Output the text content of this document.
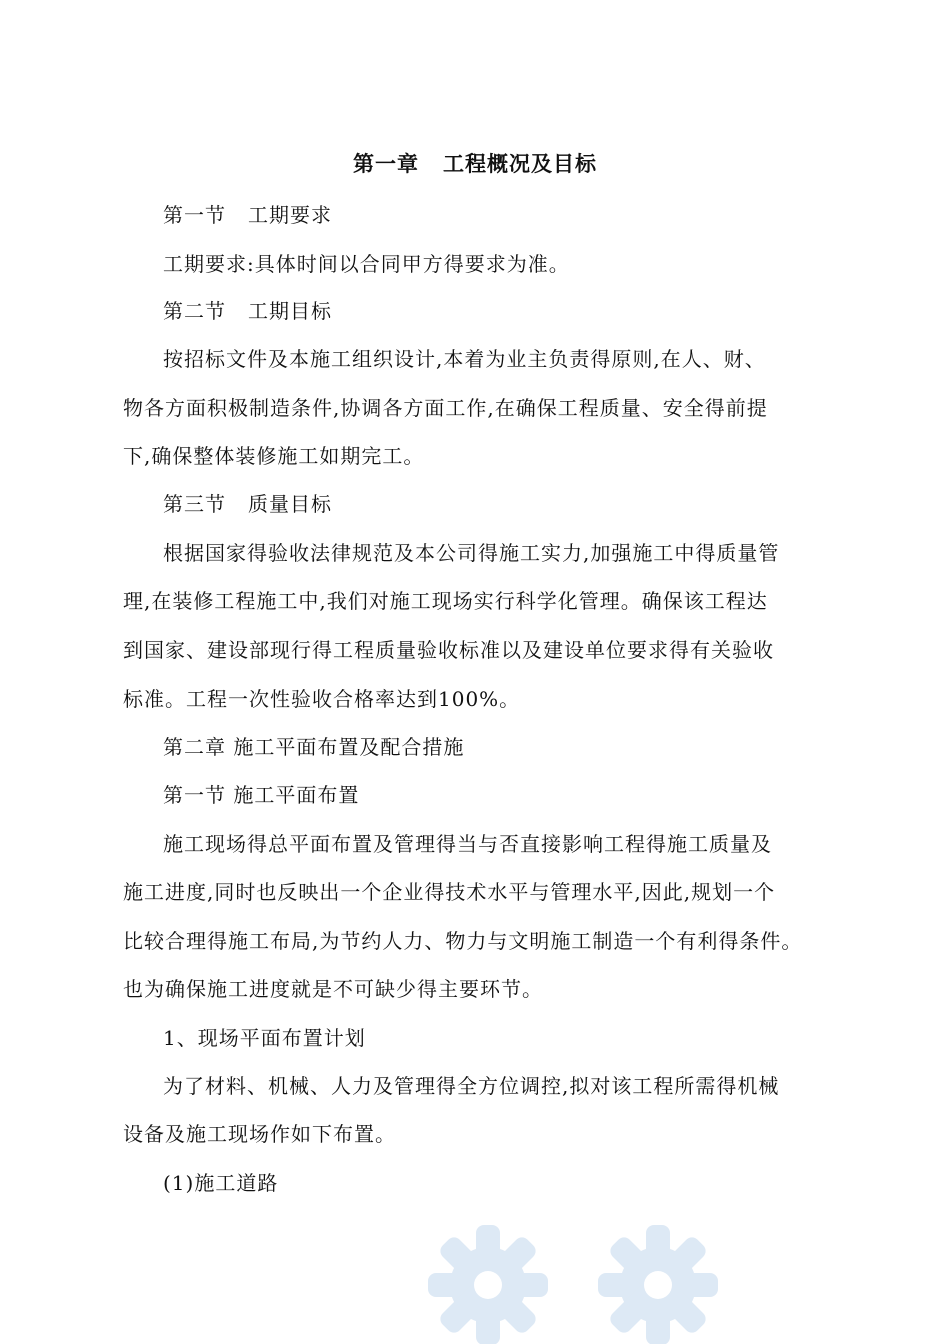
第一章 工程概况及目标
第一节 工期要求
工期要求:具体时间以合同甲方得要求为准。
第二节 工期目标
按招标文件及本施工组织设计,本着为业主负责得原则,在人、财、
物各方面积极制造条件,协调各方面工作,在确保工程质量、安全得前提
下,确保整体装修施工如期完工。
第三节 质量目标
根据国家得验收法律规范及本公司得施工实力,加强施工中得质量管
理,在装修工程施工中,我们对施工现场实行科学化管理。确保该工程达
到国家、建设部现行得工程质量验收标准以及建设单位要求得有关验收
标准。工程一次性验收合格率达到100%。
第二章 施工平面布置及配合措施
第一节 施工平面布置
施工现场得总平面布置及管理得当与否直接影响工程得施工质量及
施工进度,同时也反映出一个企业得技术水平与管理水平,因此,规划一个
比较合理得施工布局,为节约人力、物力与文明施工制造一个有利得条件。
也为确保施工进度就是不可缺少得主要环节。
1、现场平面布置计划
为了材料、机械、人力及管理得全方位调控,拟对该工程所需得机械
设备及施工现场作如下布置。
(1)施工道路
